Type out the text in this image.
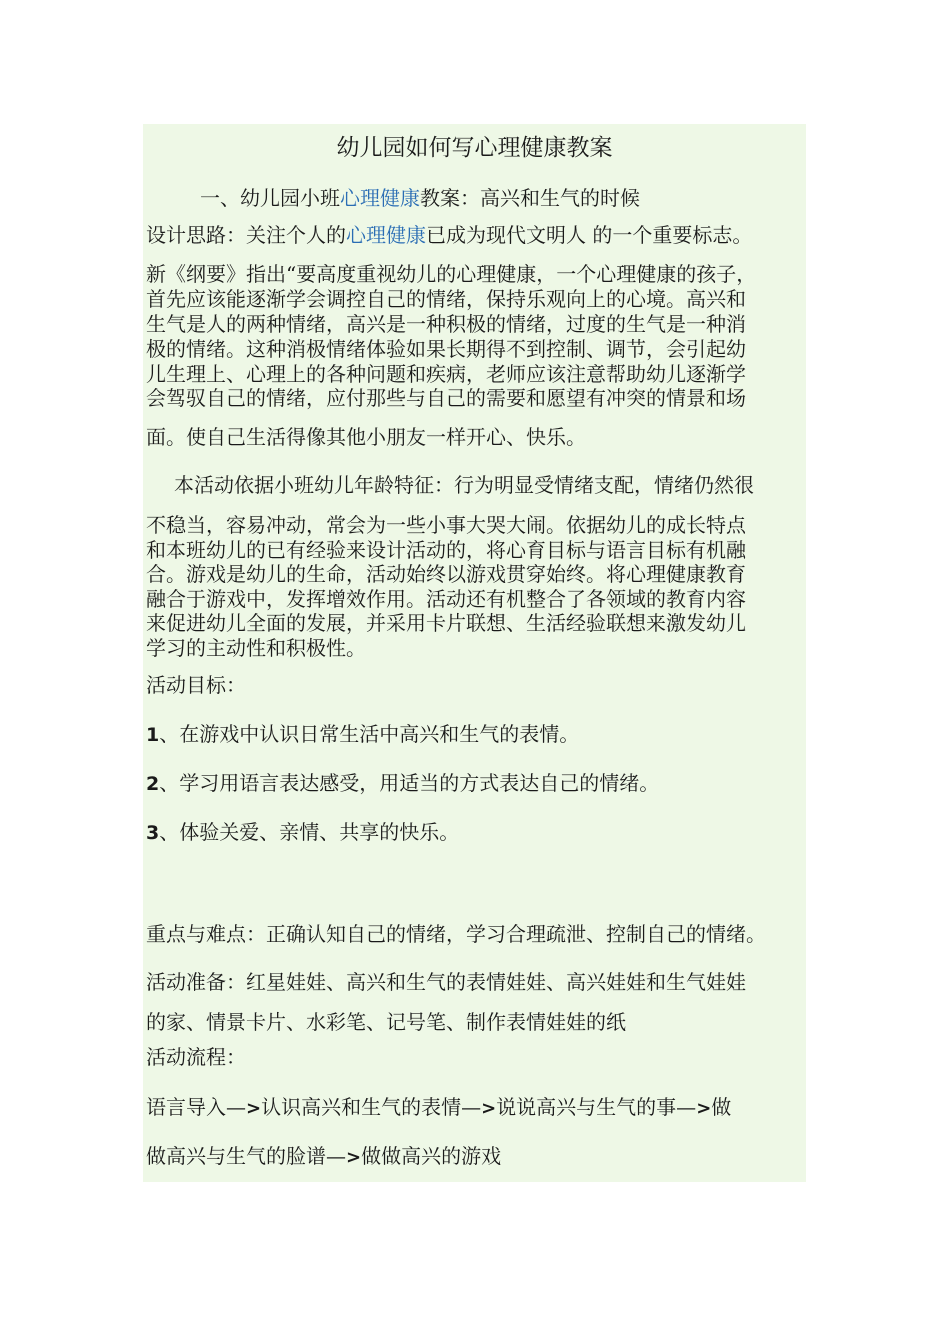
幼儿园如何写心理健康教案

一、幼儿园小班心理健康教案：高兴和生气的时候

设计思路：关注个人的心理健康已成为现代文明人 的一个重要标志。

新《纲要》指出“要高度重视幼儿的心理健康，一个心理健康的孩子，

首先应该能逐渐学会调控自己的情绪，保持乐观向上的心境。高兴和

生气是人的两种情绪，高兴是一种积极的情绪，过度的生气是一种消

极的情绪。这种消极情绪体验如果长期得不到控制、调节，会引起幼

儿生理上、心理上的各种问题和疾病，老师应该注意帮助幼儿逐渐学

会驾驭自己的情绪，应付那些与自己的需要和愿望有冲突的情景和场

面。使自己生活得像其他小朋友一样开心、快乐。

本活动依据小班幼儿年龄特征：行为明显受情绪支配，情绪仍然很

不稳当，容易冲动，常会为一些小事大哭大闹。依据幼儿的成长特点

和本班幼儿的已有经验来设计活动的，将心育目标与语言目标有机融

合。游戏是幼儿的生命，活动始终以游戏贯穿始终。将心理健康教育

融合于游戏中，发挥增效作用。活动还有机整合了各领域的教育内容

来促进幼儿全面的发展，并采用卡片联想、生活经验联想来激发幼儿

学习的主动性和积极性。

活动目标：

1、在游戏中认识日常生活中高兴和生气的表情。

2、学习用语言表达感受，用适当的方式表达自己的情绪。

3、体验关爱、亲情、共享的快乐。

重点与难点：正确认知自己的情绪，学习合理疏泄、控制自己的情绪。

活动准备：红星娃娃、高兴和生气的表情娃娃、高兴娃娃和生气娃娃

的家、情景卡片、水彩笔、记号笔、制作表情娃娃的纸

活动流程：

语言导入—>认识高兴和生气的表情—>说说高兴与生气的事—>做

做高兴与生气的脸谱—>做做高兴的游戏
